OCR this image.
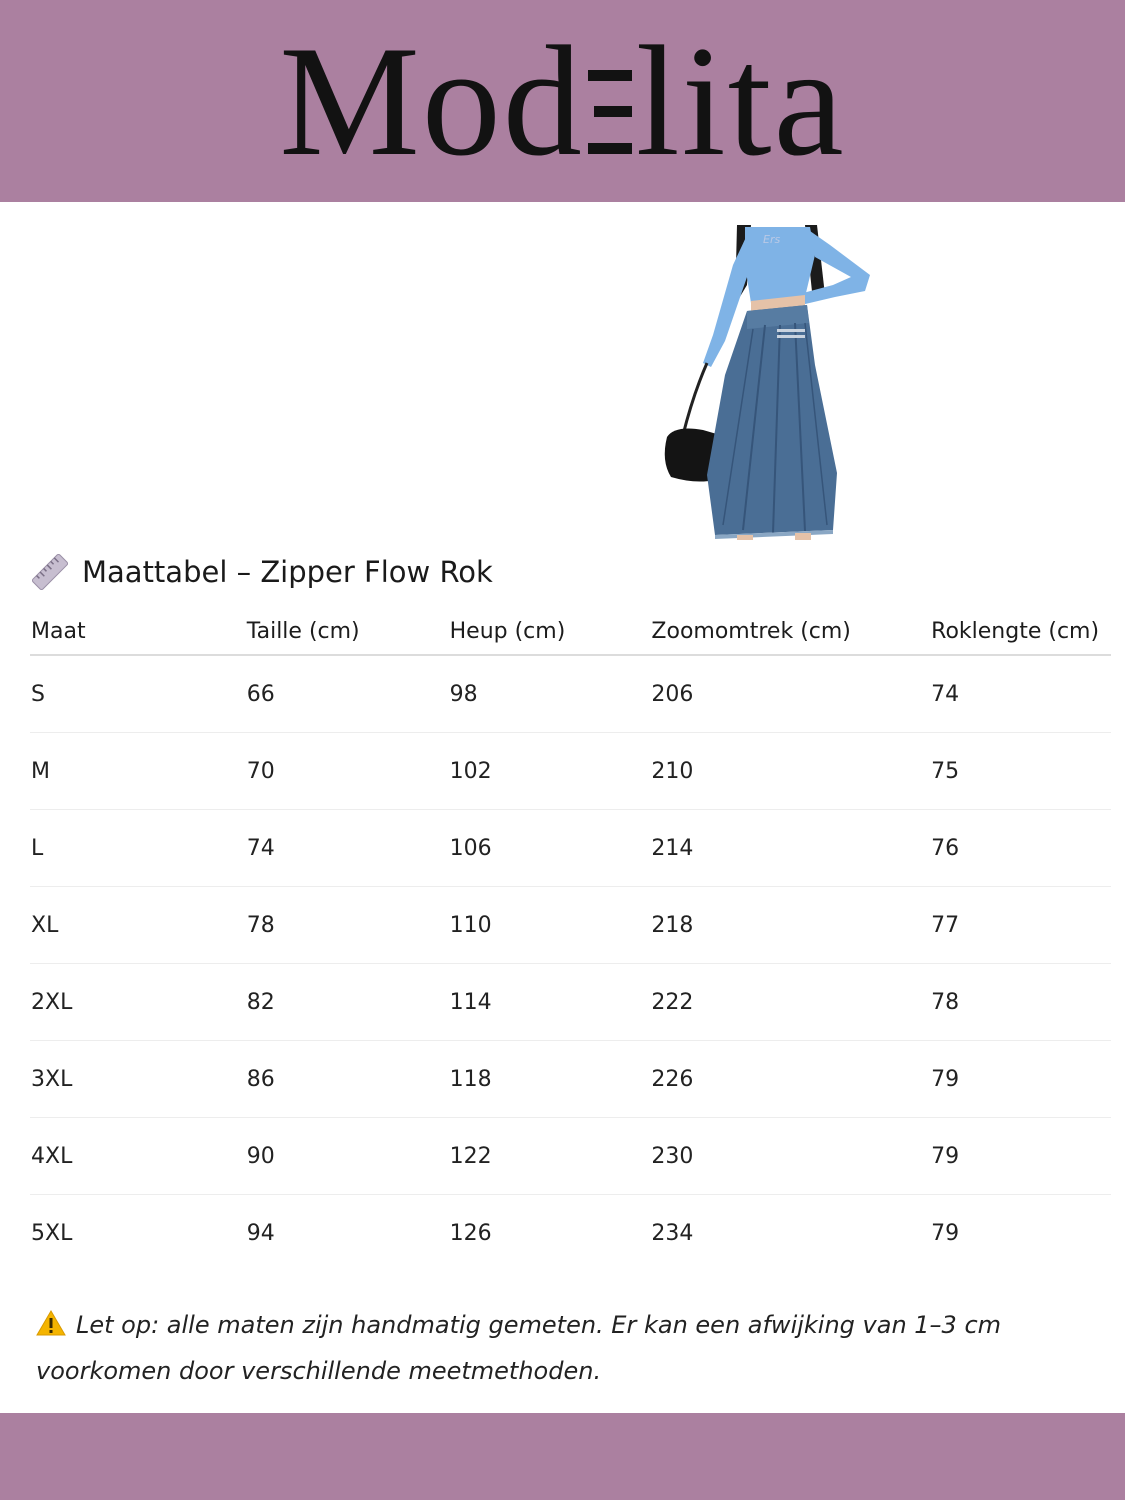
Mod lita
Ers
Maattabel – Zipper Flow Rok
Maat	Taille (cm)	Heup (cm)	Zoomomtrek (cm)	Roklengte (cm)
S	66	98	206	74
M	70	102	210	75
L	74	106	214	76
XL	78	110	218	77
2XL	82	114	222	78
3XL	86	118	226	79
4XL	90	122	230	79
5XL	94	126	234	79
Let op: alle maten zijn handmatig gemeten. Er kan een afwijking van 1–3 cm voorkomen door verschillende meetmethoden.
